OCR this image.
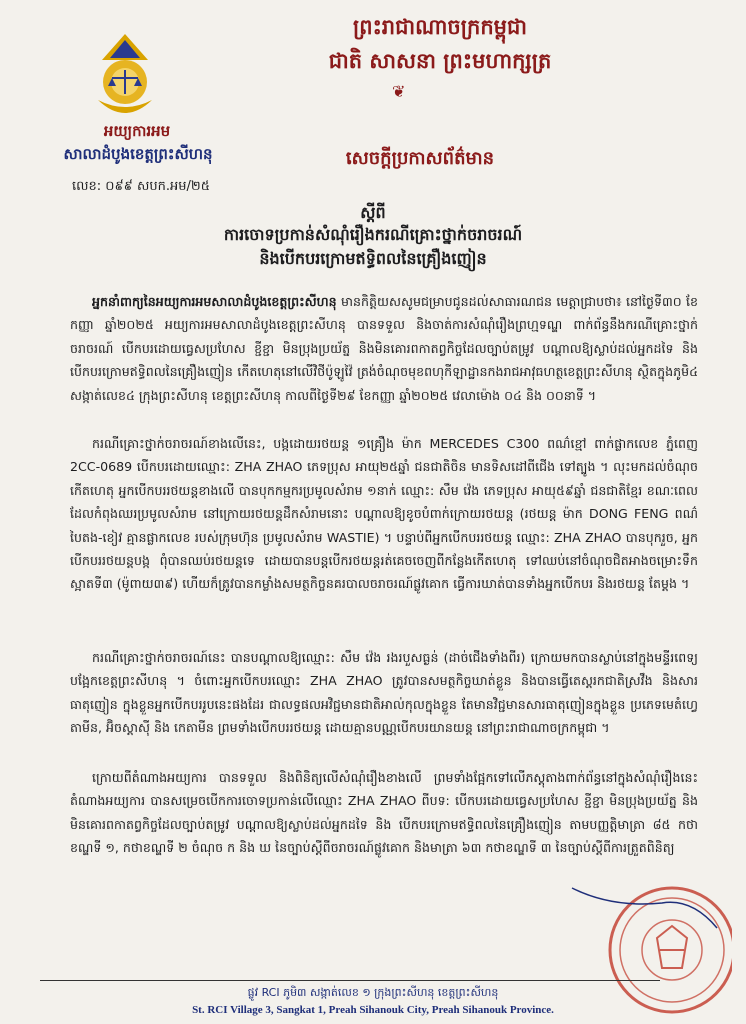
ព្រះរាជាណាចក្រកម្ពុជា
ជាតិ សាសនា ព្រះមហាក្សត្រ
❦
អយ្យការអម
សាលាដំបូងខេត្តព្រះសីហនុ	សេចក្ដីប្រកាសព័ត៌មាន
លេខ: ០៩៩ សបក.អម/២៥
ស្ដីពី
ការចោទប្រកាន់សំណុំរឿងករណីគ្រោះថ្នាក់ចរាចរណ៍
និងបើកបរក្រោមឥទ្ធិពលនៃគ្រឿងញៀន
អ្នកនាំពាក្យនៃអយ្យការអមសាលាដំបូងខេត្តព្រះសីហនុ មានកិត្តិយសសូមជម្រាបជូនដល់សាធារណជន មេត្តាជ្រាបថា៖ នៅថ្ងៃទី៣០ ខែកញ្ញា ឆ្នាំ២០២៥ អយ្យការអមសាលាដំបូងខេត្តព្រះសីហនុ បានទទួល និងចាត់ការសំណុំរឿងព្រហ្មទណ្ឌ ពាក់ព័ន្ធនឹងករណីគ្រោះថ្នាក់ចរាចរណ៍ បើកបរដោយធ្វេសប្រហែស ខ្ជីខ្ជា មិនប្រុងប្រយ័ត្ន និងមិនគោរពកាតព្វកិច្ចដែលច្បាប់តម្រូវ បណ្ដាលឱ្យស្លាប់ដល់អ្នកដទៃ និង បើកបរក្រោមឥទ្ធិពលនៃគ្រឿងញៀន កើតហេតុនៅលើវិថីប៉ូឡូវ៉ៃ ត្រង់ចំណុចមុខពហុកីឡាដ្ឋានកងរាជអាវុធហត្ថខេត្តព្រះសីហនុ ស្ថិតក្នុងភូមិ៤ សង្កាត់លេខ៤ ក្រុងព្រះសីហនុ ខេត្តព្រះសីហនុ កាលពីថ្ងៃទី២៩ ខែកញ្ញា ឆ្នាំ២០២៥ វេលាម៉ោង ០៤ និង ០០នាទី ។
ករណីគ្រោះថ្នាក់ចរាចរណ៍ខាងលើនេះ, បង្កដោយរថយន្ត ១គ្រឿង ម៉ាក MERCEDES C300 ពណ៌ខ្មៅ ពាក់ផ្លាកលេខ ភ្នំពេញ 2CC-0689 បើកបរដោយឈ្មោះ: ZHA ZHAO ភេទប្រុស អាយុ២៥ឆ្នាំ ជនជាតិចិន មានទិសដៅពីជើង ទៅត្បូង ។ លុះមកដល់ចំណុចកើតហេតុ អ្នកបើកបររថយន្តខាងលើ បានបុកកម្មករប្រមូលសំរាម ១នាក់ ឈ្មោះ: សឹម វ៉េង ភេទប្រុស អាយុ៥៩ឆ្នាំ ជនជាតិខ្មែរ ខណៈពេលដែលកំពុងឈរប្រមូលសំរាម នៅក្រោយរថយន្តដឹកសំរាមនោះ បណ្ដាលឱ្យខូចបំពាក់ក្រោយរថយន្ត (រថយន្ត ម៉ាក DONG FENG ពណ៌បៃតង-ខៀវ គ្មានផ្លាកលេខ របស់ក្រុមហ៊ុន ប្រមូលសំរាម WASTIE) ។ បន្ទាប់ពីអ្នកបើកបររថយន្ត ឈ្មោះ: ZHA ZHAO បានបុករួច, អ្នកបើកបររថយន្តបង្ក ពុំបានឈប់រថយន្តទេ ដោយបានបន្តបើករថយន្តរត់គេចចេញពីកន្លែងកើតហេតុ ទៅឈប់នៅចំណុចជិតអាងចម្រោះទឹកស្អាតទី៣ (ម៉ូពាយ៣៩) ហើយក៏ត្រូវបានកម្លាំងសមត្ថកិច្ចនគរបាលចរាចរណ៍ផ្លូវគោក ធ្វើការឃាត់បានទាំងអ្នកបើកបរ និងរថយន្ត តែម្ដង ។
ករណីគ្រោះថ្នាក់ចរាចរណ៍នេះ បានបណ្ដាលឱ្យឈ្មោះ: សឹម វ៉េង រងរបួសធ្ងន់ (ដាច់ជើងទាំងពីរ) ក្រោយមកបានស្លាប់នៅក្នុងមន្ទីរពេទ្យបង្អែកខេត្តព្រះសីហនុ ។ ចំពោះអ្នកបើកបរឈ្មោះ ZHA ZHAO ត្រូវបានសមត្ថកិច្ចឃាត់ខ្លួន និងបានធ្វើតេស្ដរកជាតិស្រវឹង និងសារធាតុញៀន ក្នុងខ្លួនអ្នកបើកបររូបនេះផងដែរ ជាលទ្ធផលអវិជ្ជមានជាតិអាល់កុលក្នុងខ្លួន តែមានវិជ្ជមានសារធាតុញៀនក្នុងខ្លួន ប្រភេទមេតំហ្វេតាមីន, អ៊ិចស្តាស៊ី និង កេតាមីន ព្រមទាំងបើកបររថយន្ត ដោយគ្មានបណ្ណបើកបរយានយន្ត នៅព្រះរាជាណាចក្រកម្ពុជា ។
ក្រោយពីតំណាងអយ្យការ បានទទួល និងពិនិត្យលើសំណុំរឿងខាងលើ ព្រមទាំងផ្អែកទៅលើភស្តុតាងពាក់ព័ន្ធនៅក្នុងសំណុំរឿងនេះ តំណាងអយ្យការ បានសម្រេចបើកការចោទប្រកាន់លើឈ្មោះ ZHA ZHAO ពីបទ: បើកបរដោយធ្វេសប្រហែស ខ្ជីខ្ជា មិនប្រុងប្រយ័ត្ន និងមិនគោរពកាតព្វកិច្ចដែលច្បាប់តម្រូវ បណ្ដាលឱ្យស្លាប់ដល់អ្នកដទៃ និង បើកបរក្រោមឥទ្ធិពលនៃគ្រឿងញៀន តាមបញ្ញត្តិមាត្រា ៨៥ កថាខណ្ឌទី ១, កថាខណ្ឌទី ២ ចំណុច ក និង ឃ នៃច្បាប់ស្ដីពីចរាចរណ៍ផ្លូវគោក និងមាត្រា ៦៣ កថាខណ្ឌទី ៣ នៃច្បាប់ស្ដីពីការត្រួតពិនិត្យ
ផ្លូវ RCI ភូមិ៣ សង្កាត់លេខ ១ ក្រុងព្រះសីហនុ ខេត្តព្រះសីហនុ
St. RCI Village 3, Sangkat 1, Preah Sihanouk City, Preah Sihanouk Province.
